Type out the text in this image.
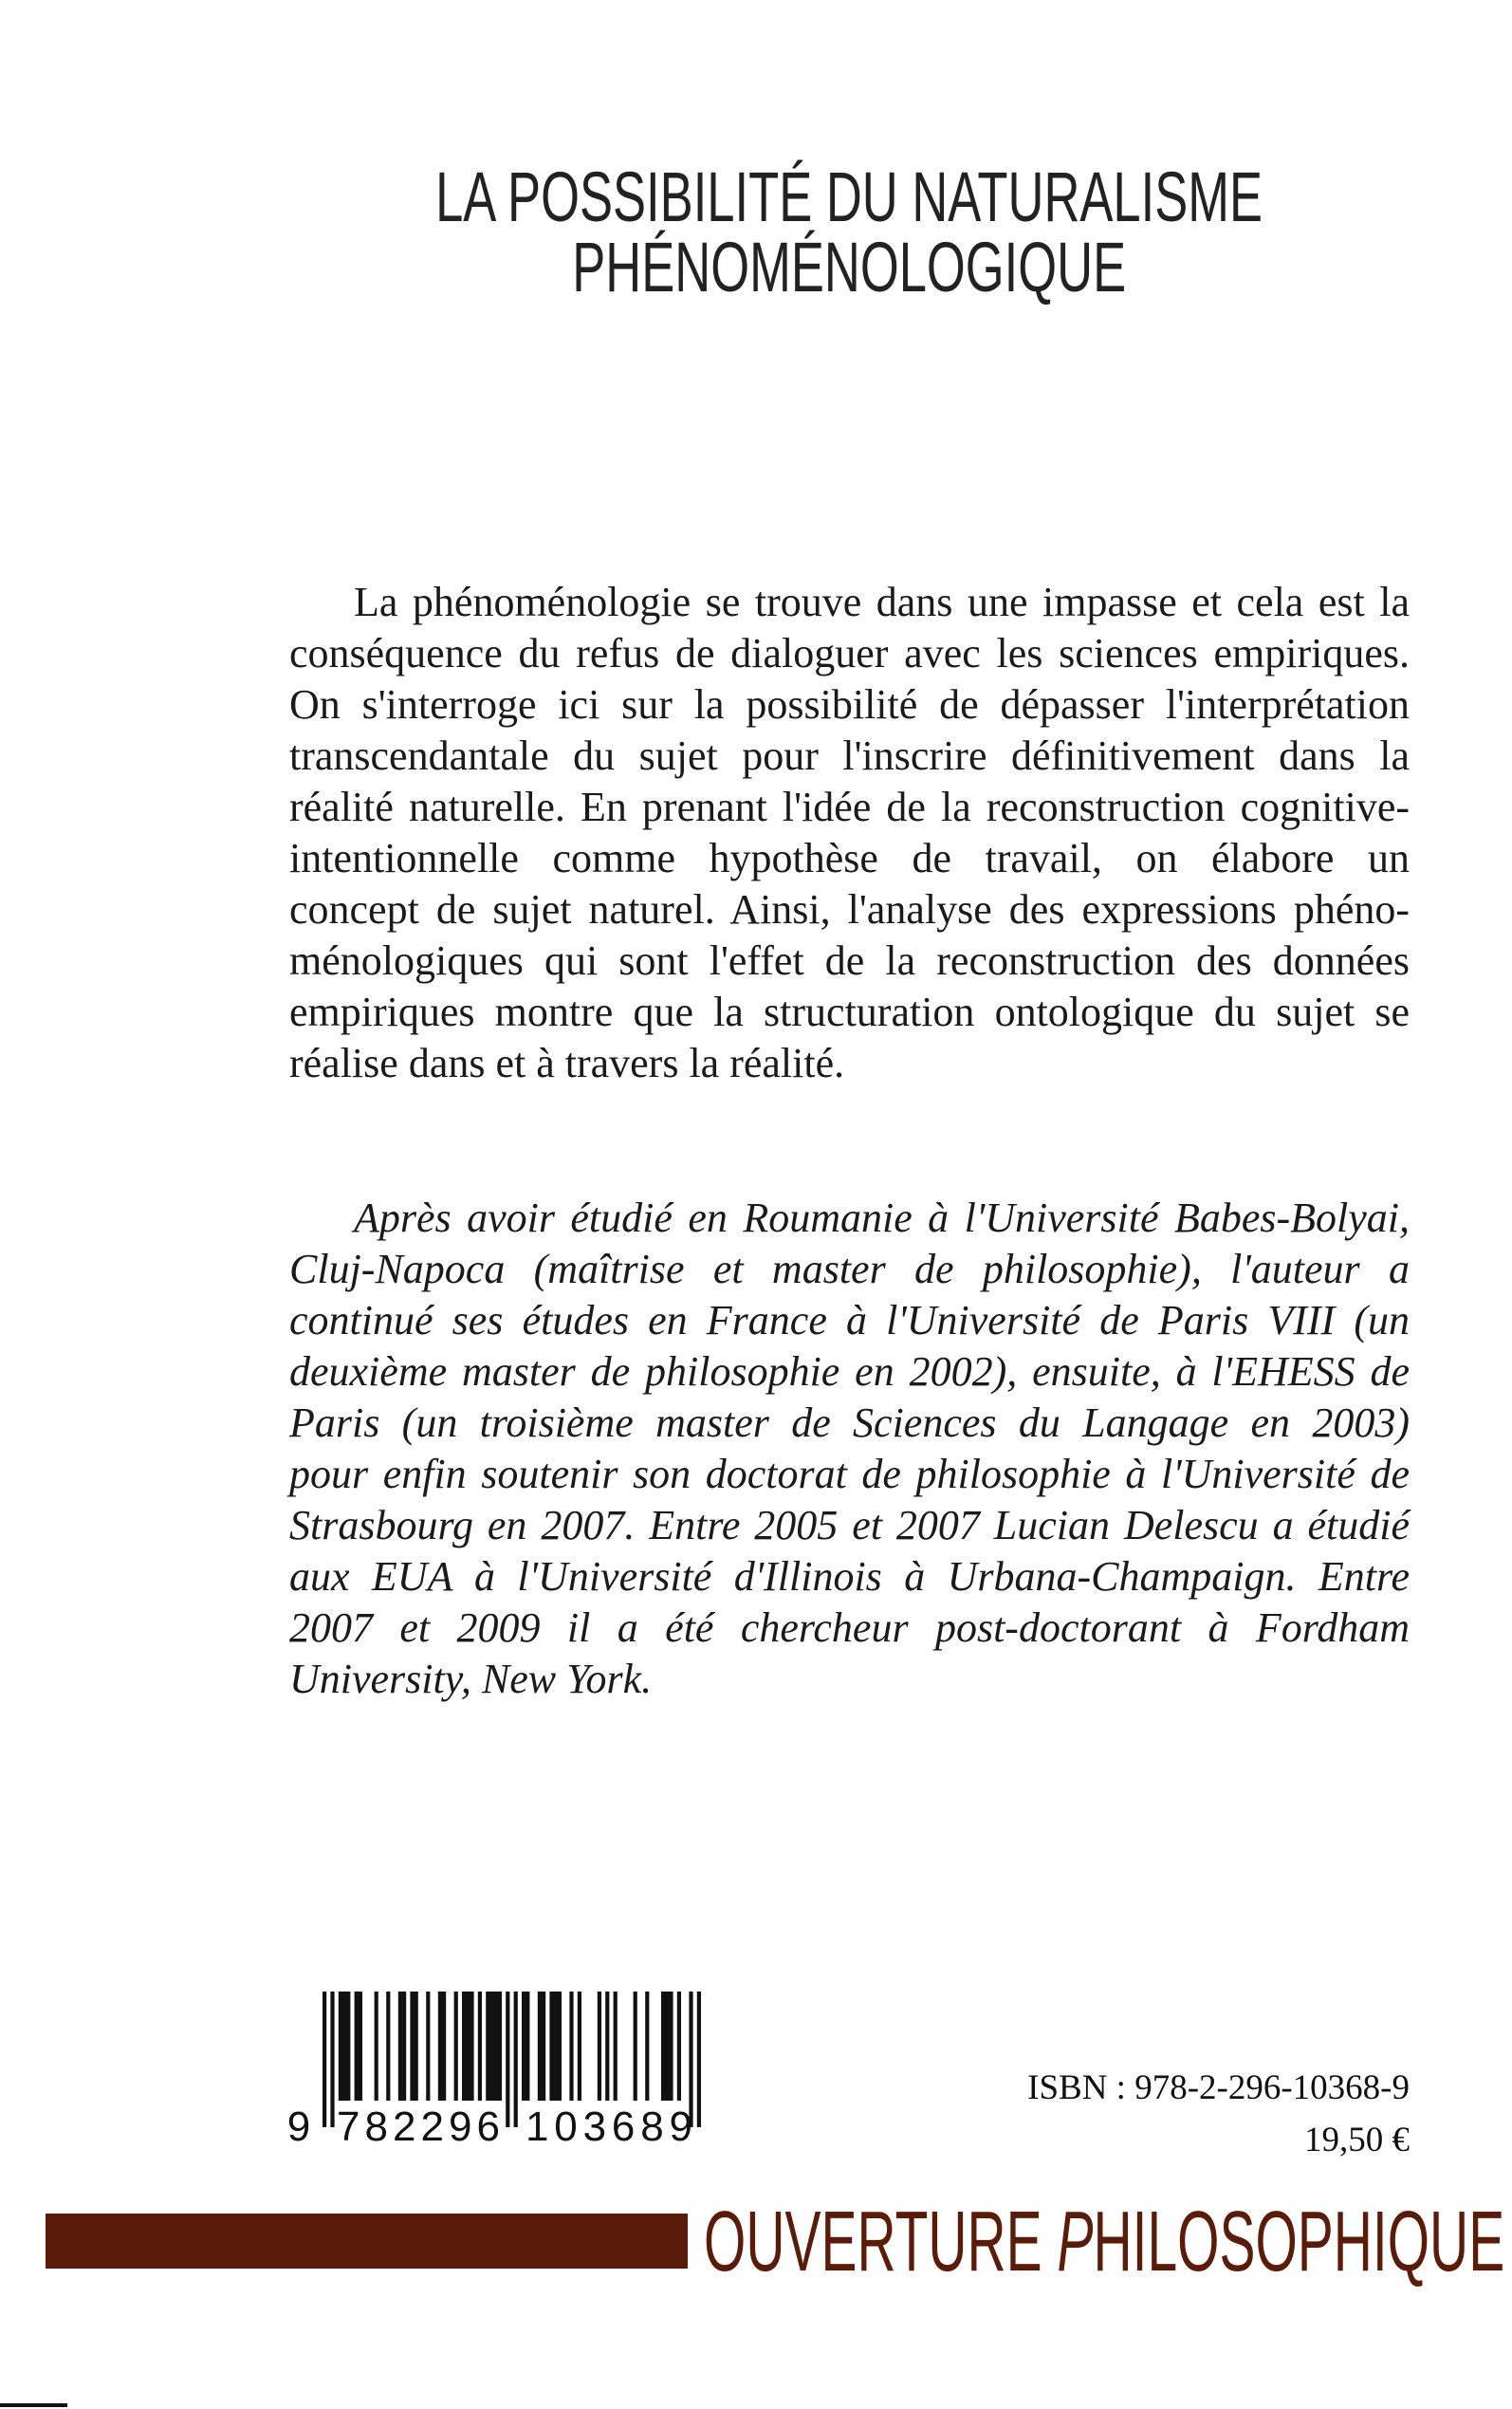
LA POSSIBILITÉ DU NATURALISME
PHÉNOMÉNOLOGIQUE
La phénoménologie se trouve dans une impasse et cela est la
conséquence du refus de dialoguer avec les sciences empiriques.
On s'interroge ici sur la possibilité de dépasser l'interprétation
transcendantale du sujet pour l'inscrire définitivement dans la
réalité naturelle. En prenant l'idée de la reconstruction cognitive-
intentionnelle comme hypothèse de travail, on élabore un
concept de sujet naturel. Ainsi, l'analyse des expressions phéno-
ménologiques qui sont l'effet de la reconstruction des données
empiriques montre que la structuration ontologique du sujet se
réalise dans et à travers la réalité.
Après avoir étudié en Roumanie à l'Université Babes-Bolyai,
Cluj-Napoca (maîtrise et master de philosophie), l'auteur a
continué ses études en France à l'Université de Paris VIII (un
deuxième master de philosophie en 2002), ensuite, à l'EHESS de
Paris (un troisième master de Sciences du Langage en 2003)
pour enfin soutenir son doctorat de philosophie à l'Université de
Strasbourg en 2007. Entre 2005 et 2007 Lucian Delescu a étudié
aux EUA à l'Université d'Illinois à Urbana-Champaign. Entre
2007 et 2009 il a été chercheur post-doctorant à Fordham
University, New York.
9 782296 103689
ISBN : 978-2-296-10368-9
19,50 €
OUVERTURE PHILOSOPHIQUE
